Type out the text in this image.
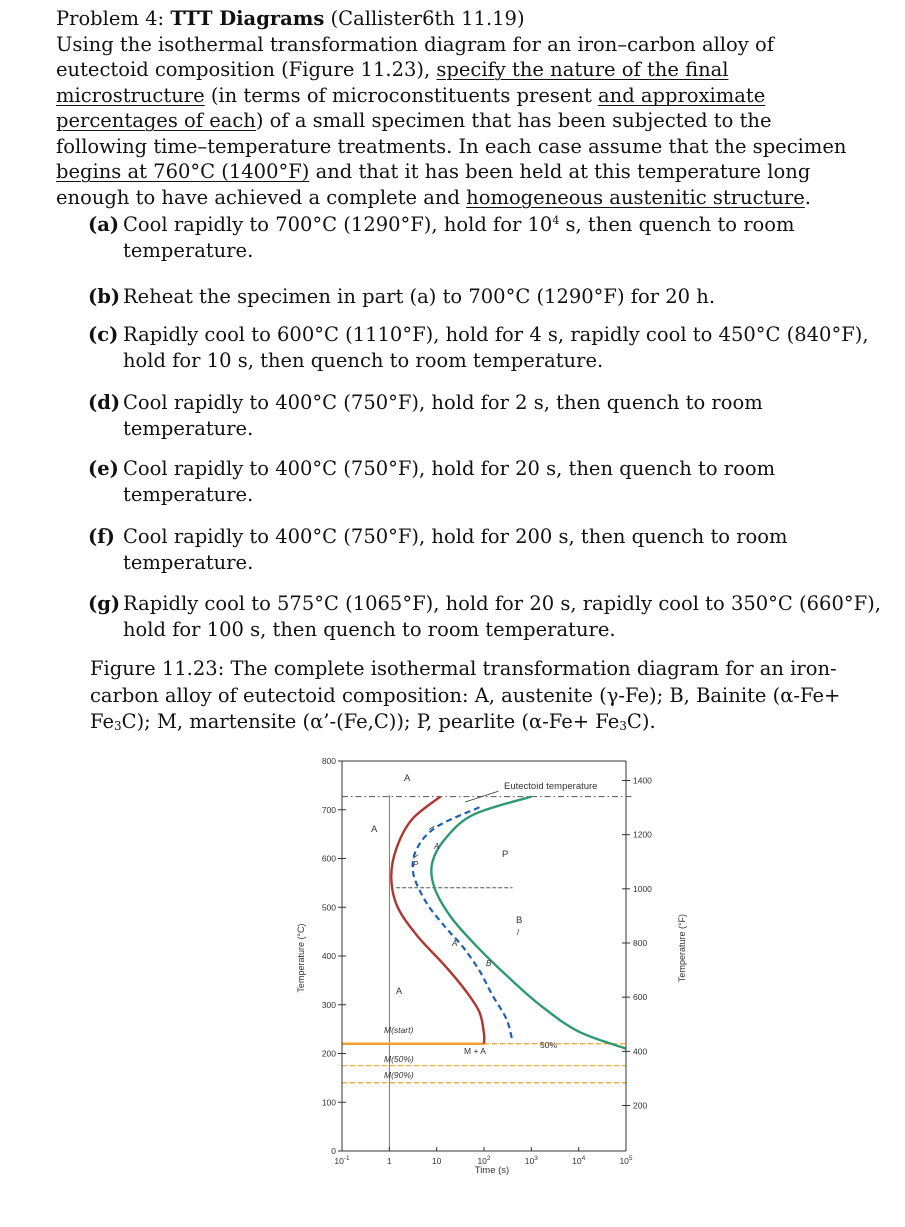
Problem 4: TTT Diagrams (Callister6th 11.19)

Using the isothermal transformation diagram for an iron–carbon alloy of eutectoid composition (Figure 11.23), specify the nature of the final microstructure (in terms of microconstituents present and approximate percentages of each) of a small specimen that has been subjected to the following time–temperature treatments. In each case assume that the specimen begins at 760°C (1400°F) and that it has been held at this temperature long enough to have achieved a complete and homogeneous austenitic structure.

(a) Cool rapidly to 700°C (1290°F), hold for $10^4$ s, then quench to room temperature.
(b) Reheat the specimen in part (a) to 700°C (1290°F) for 20 h.
(c) Rapidly cool to 600°C (1110°F), hold for 4 s, rapidly cool to 450°C (840°F), hold for 10 s, then quench to room temperature.
(d) Cool rapidly to 400°C (750°F), hold for 2 s, then quench to room temperature.
(e) Cool rapidly to 400°C (750°F), hold for 20 s, then quench to room temperature.
(f) Cool rapidly to 400°C (750°F), hold for 200 s, then quench to room temperature.
(g) Rapidly cool to 575°C (1065°F), hold for 20 s, rapidly cool to 350°C (660°F), hold for 100 s, then quench to room temperature.
Figure 11.23: The complete isothermal transformation diagram for an iron-carbon alloy of eutectoid composition: A, austenite (γ-Fe); B, Bainite $(\alpha-Fe+ Fe_3C)$; M, martensite (α’-(Fe,C)); P, pearlite $(\alpha-Fe+ Fe_3C)$.
0
100
200
300
400
500
600
700
800
200
400
600
800
1000
1200
1400
$10^{-1}$	1	10	$10^2$	$10^3$	$10^4$	$10^5$
Time (s)
Temperature (°C)	Temperature (°F)
A
A
A
P
P
B
/
A
B
A
Eutectoid temperature
M(start)
M + A
50%
M(50%)
M(90%)
